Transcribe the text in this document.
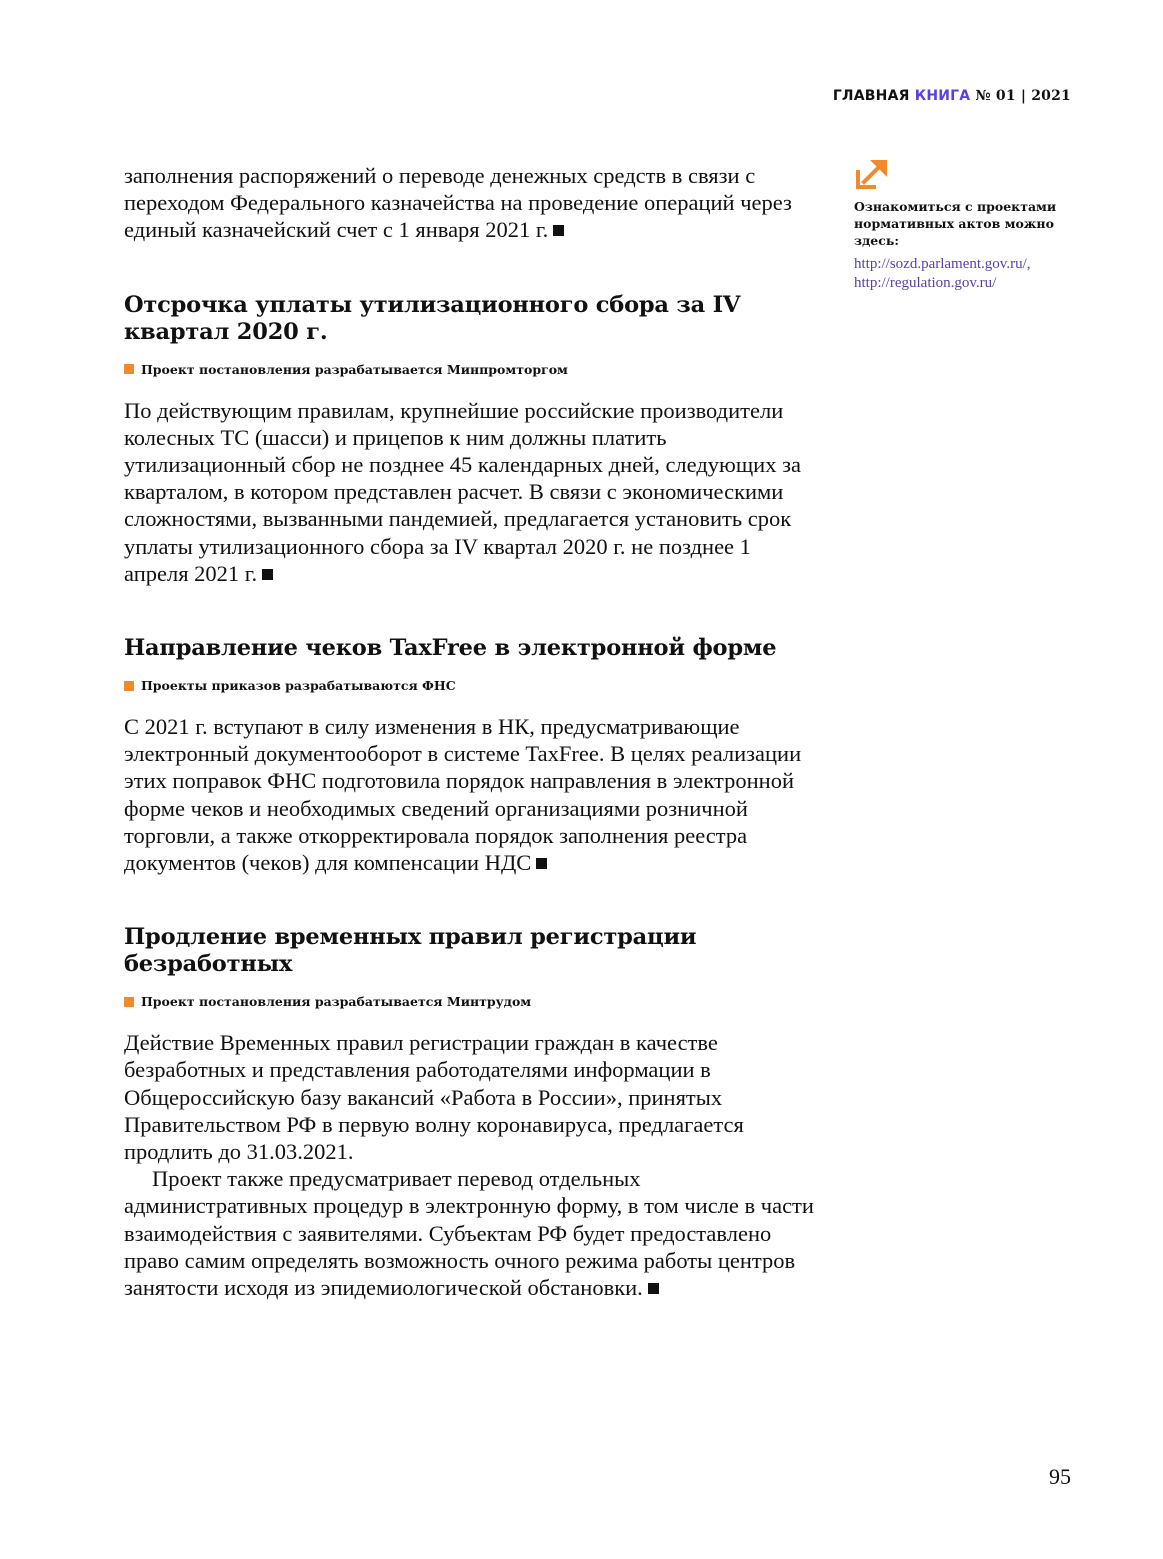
ГЛАВНАЯ КНИГА № 01 | 2021

заполнения распоряжений о переводе денежных средств в связи с переходом Федерального казначейства на проведение операций через единый казначейский счет с 1 января 2021 г.

Отсрочка уплаты утилизационного сбора за IV квартал 2020 г.
Проект постановления разрабатывается Минпромторгом

По действующим правилам, крупнейшие российские производители колесных ТС (шасси) и прицепов к ним должны платить утилизационный сбор не позднее 45 календарных дней, следующих за кварталом, в котором представлен расчет. В связи с экономическими сложностями, вызванными пандемией, предлагается установить срок уплаты утилизационного сбора за IV квартал 2020 г. не позднее 1 апреля 2021 г.

Направление чеков TaxFree в электронной форме
Проекты приказов разрабатываются ФНС

С 2021 г. вступают в силу изменения в НК, предусматривающие электронный документооборот в системе TaxFree. В целях реализации этих поправок ФНС подготовила порядок направления в электронной форме чеков и необходимых сведений организациями розничной торговли, а также откорректировала порядок заполнения реестра документов (чеков) для компенсации НДС

Продление временных правил регистрации безработных
Проект постановления разрабатывается Минтрудом

Действие Временных правил регистрации граждан в качестве безработных и представления работодателями информации в Общероссийскую базу вакансий «Работа в России», принятых Правительством РФ в первую волну коронавируса, предлагается продлить до 31.03.2021.

Проект также предусматривает перевод отдельных административных процедур в электронную форму, в том числе в части взаимодействия с заявителями. Субъектам РФ будет предоставлено право самим определять возможность очного режима работы центров занятости исходя из эпидемиологической обстановки.

Ознакомиться с проектами нормативных актов можно здесь:

http://sozd.parlament.gov.ru/,
http://regulation.gov.ru/
95
